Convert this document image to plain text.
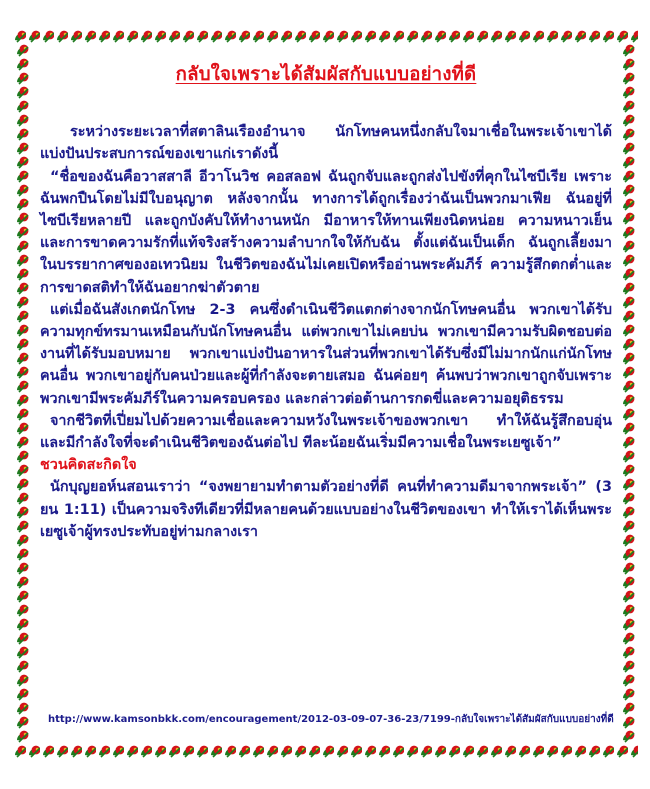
กลับใจเพราะได้สัมผัสกับแบบอย่างที่ดี

ระหว่างระยะเวลาที่สตาลินเรืองอำนาจ นักโทษคนหนึ่งกลับใจมาเชื่อในพระเจ้าเขาได้แบ่งปันประสบการณ์ของเขาแก่เราดังนี้

“ชื่อของฉันคือวาสสาลี อีวาโนวิช คอสลอฟ ฉันถูกจับและถูกส่งไปขังที่คุกในไซบีเรีย เพราะฉันพกปืนโดยไม่มีใบอนุญาต หลังจากนั้น ทางการได้ถูกเรื่องว่าฉันเป็นพวกมาเฟีย ฉันอยู่ที่ไซบีเรียหลายปี และถูกบังคับให้ทำงานหนัก มีอาหารให้ทานเพียงนิดหน่อย ความหนาวเย็นและการขาดความรักที่แท้จริงสร้างความลำบากใจให้กับฉัน ตั้งแต่ฉันเป็นเด็ก ฉันถูกเลี้ยงมาในบรรยากาศของอเทวนิยม ในชีวิตของฉันไม่เคยเปิดหรืออ่านพระคัมภีร์ ความรู้สึกตกต่ำและการขาดสติทำให้ฉันอยากฆ่าตัวตาย

แต่เมื่อฉันสังเกตนักโทษ 2-3 คนซึ่งดำเนินชีวิตแตกต่างจากนักโทษคนอื่น พวกเขาได้รับความทุกข์ทรมานเหมือนกับนักโทษคนอื่น แต่พวกเขาไม่เคยบ่น พวกเขามีความรับผิดชอบต่องานที่ได้รับมอบหมาย พวกเขาแบ่งปันอาหารในส่วนที่พวกเขาได้รับซึ่งมีไม่มากนักแก่นักโทษคนอื่น พวกเขาอยู่กับคนป่วยและผู้ที่กำลังจะตายเสมอ ฉันค่อยๆ ค้นพบว่าพวกเขาถูกจับเพราะพวกเขามีพระคัมภีร์ในความครอบครอง และกล่าวต่อต้านการกดขี่และความอยุติธรรม

จากชีวิตที่เปี่ยมไปด้วยความเชื่อและความหวังในพระเจ้าของพวกเขา ทำให้ฉันรู้สึกอบอุ่นและมีกำลังใจที่จะดำเนินชีวิตของฉันต่อไป ทีละน้อยฉันเริ่มมีความเชื่อในพระเยซูเจ้า”

ชวนคิดสะกิดใจ

นักบุญยอห์นสอนเราว่า “จงพยายามทำตามตัวอย่างที่ดี คนที่ทำความดีมาจากพระเจ้า” (3 ยน 1:11) เป็นความจริงทีเดียวที่มีหลายคนด้วยแบบอย่างในชีวิตของเขา ทำให้เราได้เห็นพระเยซูเจ้าผู้ทรงประทับอยู่ท่ามกลางเรา

http://www.kamsonbkk.com/encouragement/2012-03-09-07-36-23/7199-กลับใจเพราะได้สัมผัสกับแบบอย่างที่ดี
